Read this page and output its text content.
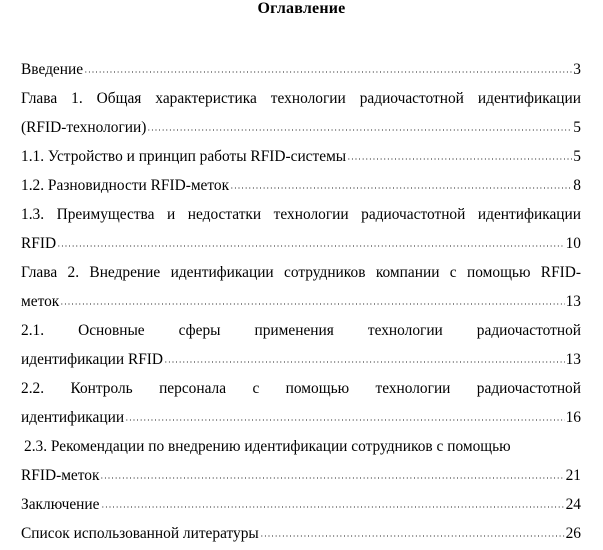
Оглавление
Введение	3
Глава 1. Общая характеристика технологии радиочастотной идентификации
(RFID-технологии)	5
1.1. Устройство и принцип работы RFID-системы	5
1.2. Разновидности RFID-меток	8
1.3. Преимущества и недостатки технологии радиочастотной идентификации
RFID	10
Глава 2. Внедрение идентификации сотрудников компании с помощью RFID-
меток	13
2.1. Основные сферы применения технологии радиочастотной
идентификации RFID	13
2.2. Контроль персонала с помощью технологии радиочастотной
идентификации	16
2.3. Рекомендации по внедрению идентификации сотрудников с помощью
RFID-меток	21
Заключение	24
Список использованной литературы	26
